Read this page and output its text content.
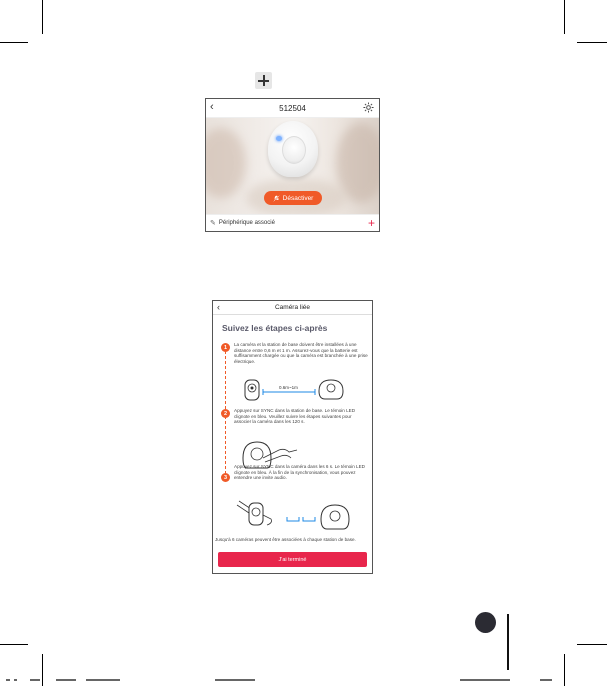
‹	512504
Désactiver
✎ Périphérique associé	+
‹	Caméra liée
Suivez les étapes ci-après
1	La caméra et la station de base doivent être installées à une distance entre 0,6 m et 1 m. Assurez-vous que la batterie est suffisamment chargée ou que la caméra est branchée à une prise électrique.
0.6m~1m
2	Appuyez sur SYNC dans la station de base. Le témoin LED clignote en bleu. Veuillez suivre les étapes suivantes pour associer la caméra dans les 120 s.
3
Appuyez sur SYNC dans la caméra dans les 6 s. Le témoin LED clignote en bleu. À la fin de la synchronisation, vous pouvez entendre une invite audio.
Jusqu'à 6 caméras peuvent être associées à chaque station de base.
J'ai terminé
